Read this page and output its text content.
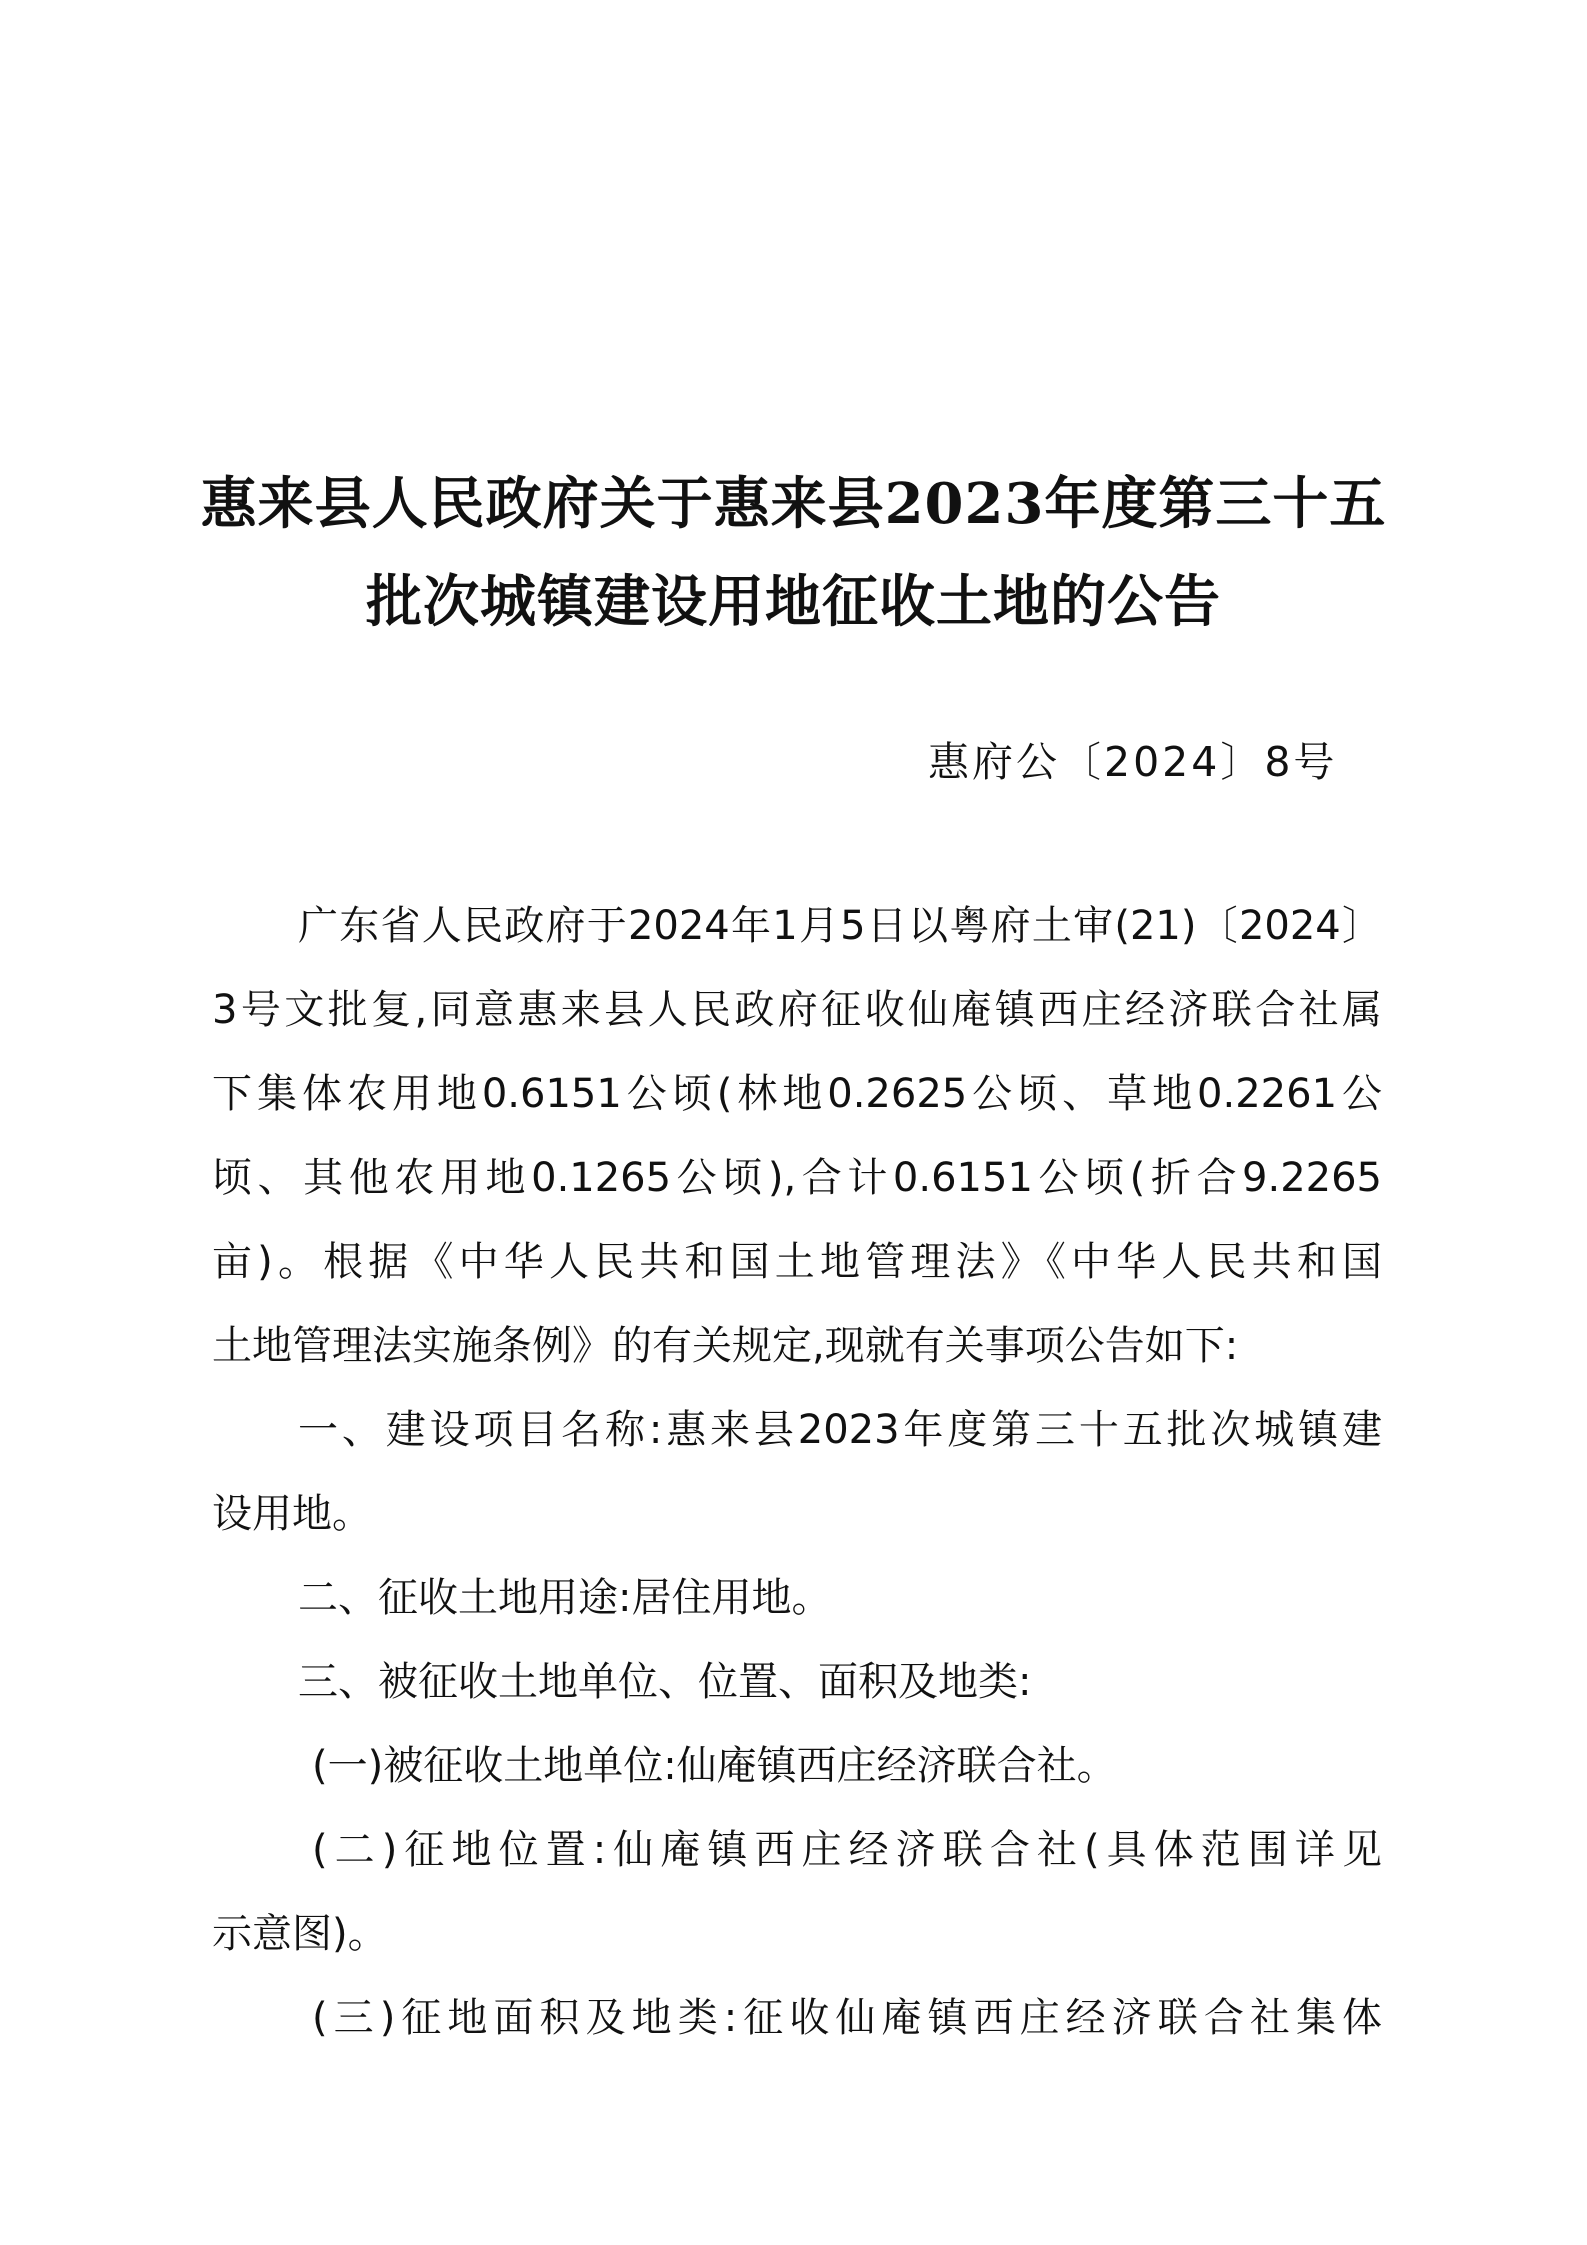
惠来县人民政府关于惠来县2023年度第三十五
批次城镇建设用地征收土地的公告
惠府公〔2024〕8号
广东省人民政府于2024年1月5日以粤府土审(21)〔2024〕
3号文批复,同意惠来县人民政府征收仙庵镇西庄经济联合社属
下集体农用地0.6151公顷(林地0.2625公顷、草地0.2261公
顷、其他农用地0.1265公顷),合计0.6151公顷(折合9.2265
亩)。根据《中华人民共和国土地管理法》《中华人民共和国
土地管理法实施条例》的有关规定,现就有关事项公告如下:
一、建设项目名称:惠来县2023年度第三十五批次城镇建
设用地。
二、征收土地用途:居住用地。
三、被征收土地单位、位置、面积及地类:
(一)被征收土地单位:仙庵镇西庄经济联合社。
(二)征地位置:仙庵镇西庄经济联合社(具体范围详见
示意图)。
(三)征地面积及地类:征收仙庵镇西庄经济联合社集体
